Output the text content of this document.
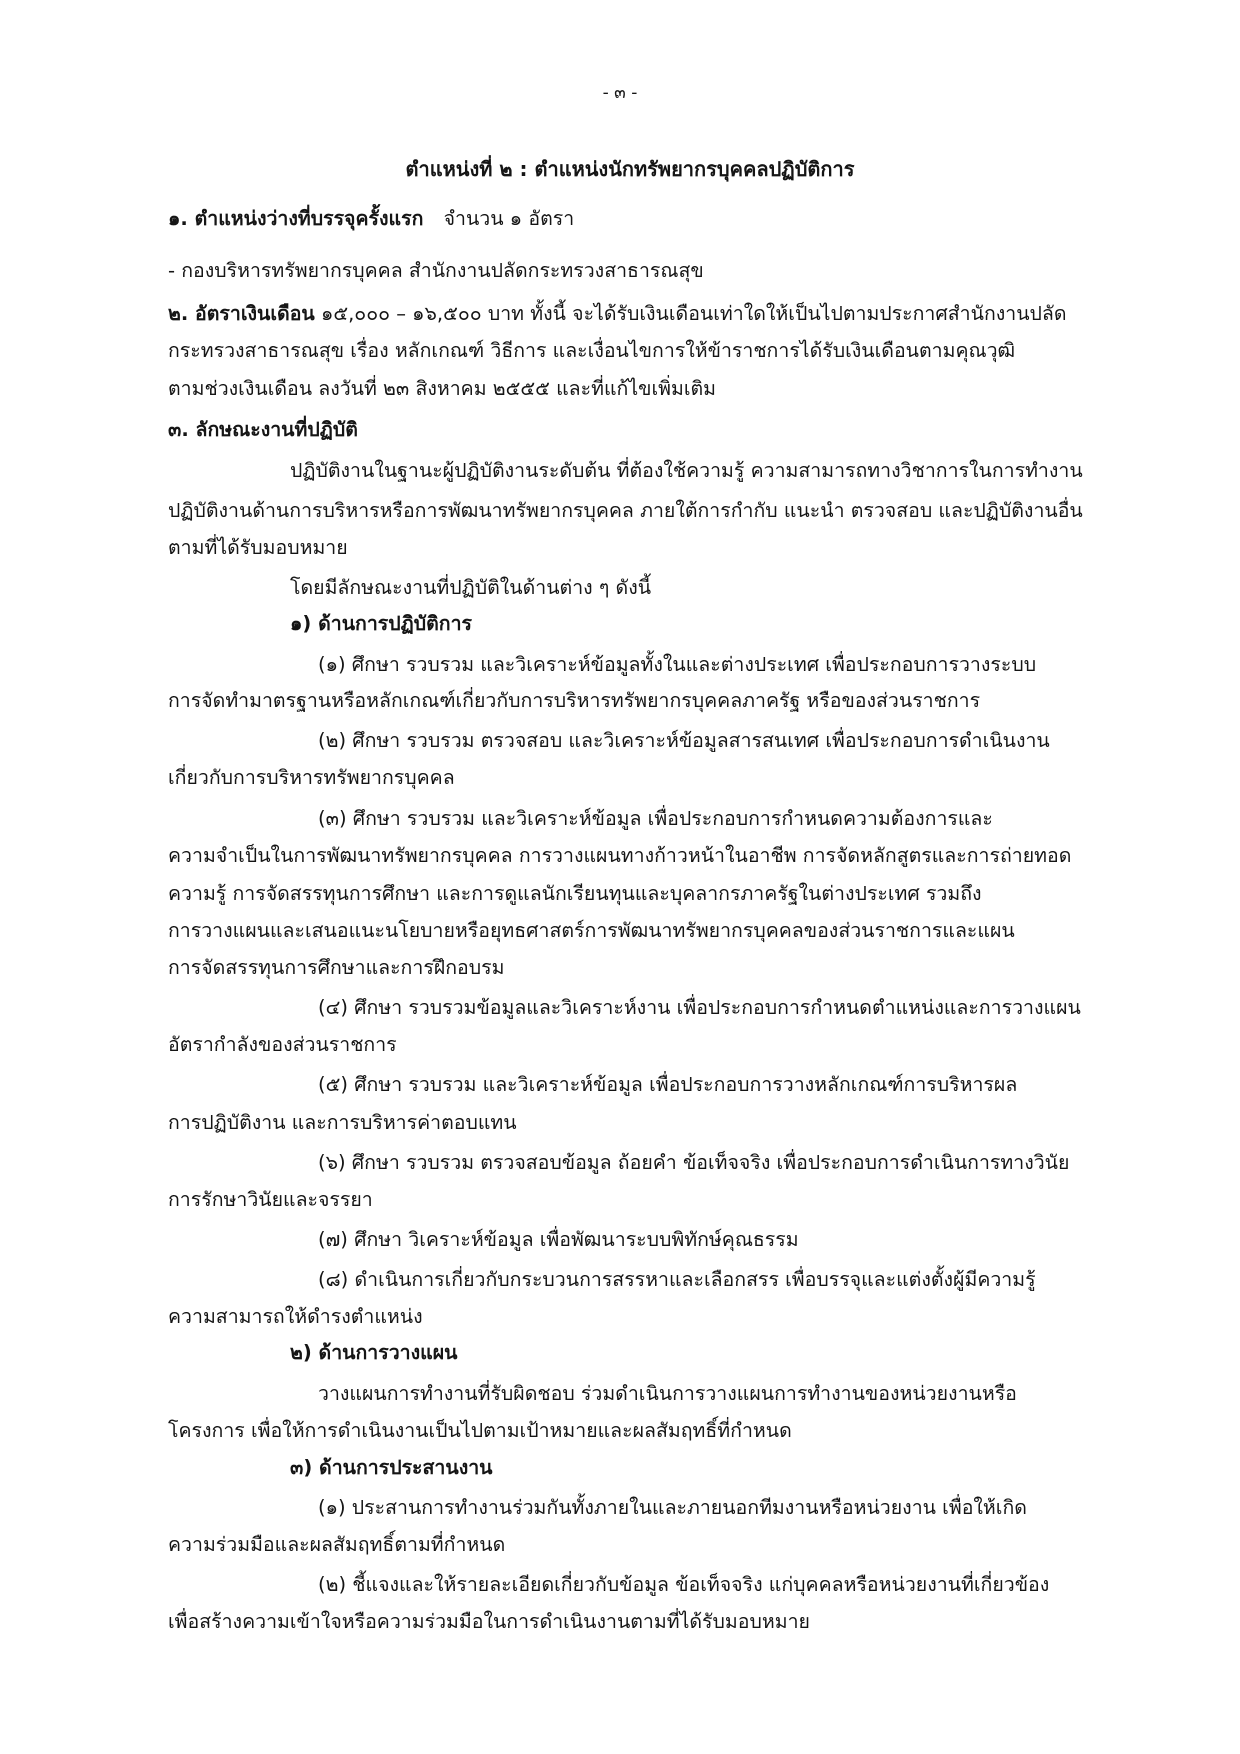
- ๓ -
ตำแหน่งที่ ๒ : ตำแหน่งนักทรัพยากรบุคคลปฏิบัติการ
๑. ตำแหน่งว่างที่บรรจุครั้งแรก จำนวน ๑ อัตรา
- กองบริหารทรัพยากรบุคคล สำนักงานปลัดกระทรวงสาธารณสุข
๒. อัตราเงินเดือน ๑๕,๐๐๐ – ๑๖,๕๐๐ บาท ทั้งนี้ จะได้รับเงินเดือนเท่าใดให้เป็นไปตามประกาศสำนักงานปลัด
กระทรวงสาธารณสุข เรื่อง หลักเกณฑ์ วิธีการ และเงื่อนไขการให้ข้าราชการได้รับเงินเดือนตามคุณวุฒิ
ตามช่วงเงินเดือน ลงวันที่ ๒๓ สิงหาคม ๒๕๕๕ และที่แก้ไขเพิ่มเติม
๓. ลักษณะงานที่ปฏิบัติ
ปฏิบัติงานในฐานะผู้ปฏิบัติงานระดับต้น ที่ต้องใช้ความรู้ ความสามารถทางวิชาการในการทำงาน
ปฏิบัติงานด้านการบริหารหรือการพัฒนาทรัพยากรบุคคล ภายใต้การกำกับ แนะนำ ตรวจสอบ และปฏิบัติงานอื่น
ตามที่ได้รับมอบหมาย
โดยมีลักษณะงานที่ปฏิบัติในด้านต่าง ๆ ดังนี้
๑) ด้านการปฏิบัติการ
(๑) ศึกษา รวบรวม และวิเคราะห์ข้อมูลทั้งในและต่างประเทศ เพื่อประกอบการวางระบบ
การจัดทำมาตรฐานหรือหลักเกณฑ์เกี่ยวกับการบริหารทรัพยากรบุคคลภาครัฐ หรือของส่วนราชการ
(๒) ศึกษา รวบรวม ตรวจสอบ และวิเคราะห์ข้อมูลสารสนเทศ เพื่อประกอบการดำเนินงาน
เกี่ยวกับการบริหารทรัพยากรบุคคล
(๓) ศึกษา รวบรวม และวิเคราะห์ข้อมูล เพื่อประกอบการกำหนดความต้องการและ
ความจำเป็นในการพัฒนาทรัพยากรบุคคล การวางแผนทางก้าวหน้าในอาชีพ การจัดหลักสูตรและการถ่ายทอด
ความรู้ การจัดสรรทุนการศึกษา และการดูแลนักเรียนทุนและบุคลากรภาครัฐในต่างประเทศ รวมถึง
การวางแผนและเสนอแนะนโยบายหรือยุทธศาสตร์การพัฒนาทรัพยากรบุคคลของส่วนราชการและแผน
การจัดสรรทุนการศึกษาและการฝึกอบรม
(๔) ศึกษา รวบรวมข้อมูลและวิเคราะห์งาน เพื่อประกอบการกำหนดตำแหน่งและการวางแผน
อัตรากำลังของส่วนราชการ
(๕) ศึกษา รวบรวม และวิเคราะห์ข้อมูล เพื่อประกอบการวางหลักเกณฑ์การบริหารผล
การปฏิบัติงาน และการบริหารค่าตอบแทน
(๖) ศึกษา รวบรวม ตรวจสอบข้อมูล ถ้อยคำ ข้อเท็จจริง เพื่อประกอบการดำเนินการทางวินัย
การรักษาวินัยและจรรยา
(๗) ศึกษา วิเคราะห์ข้อมูล เพื่อพัฒนาระบบพิทักษ์คุณธรรม
(๘) ดำเนินการเกี่ยวกับกระบวนการสรรหาและเลือกสรร เพื่อบรรจุและแต่งตั้งผู้มีความรู้
ความสามารถให้ดำรงตำแหน่ง
๒) ด้านการวางแผน
วางแผนการทำงานที่รับผิดชอบ ร่วมดำเนินการวางแผนการทำงานของหน่วยงานหรือ
โครงการ เพื่อให้การดำเนินงานเป็นไปตามเป้าหมายและผลสัมฤทธิ์ที่กำหนด
๓) ด้านการประสานงาน
(๑) ประสานการทำงานร่วมกันทั้งภายในและภายนอกทีมงานหรือหน่วยงาน เพื่อให้เกิด
ความร่วมมือและผลสัมฤทธิ์ตามที่กำหนด
(๒) ชี้แจงและให้รายละเอียดเกี่ยวกับข้อมูล ข้อเท็จจริง แก่บุคคลหรือหน่วยงานที่เกี่ยวข้อง
เพื่อสร้างความเข้าใจหรือความร่วมมือในการดำเนินงานตามที่ได้รับมอบหมาย
